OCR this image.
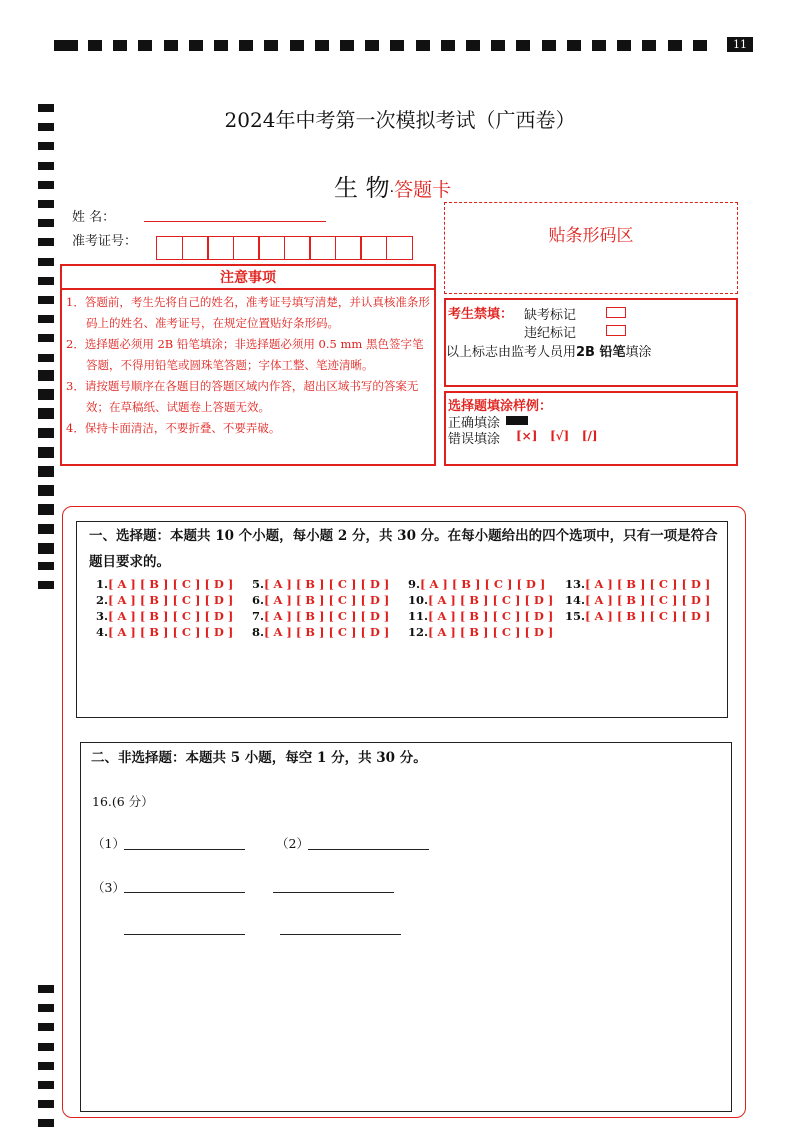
11
2024年中考第一次模拟考试（广西卷）
生 物·答题卡
姓 名：
准考证号：	贴条形码区
注意事项
1．答题前，考生先将自己的姓名，准考证号填写清楚，并认真核准条形码上的姓名、准考证号，在规定位置贴好条形码。
2．选择题必须用 2B 铅笔填涂；非选择题必须用 0.5 mm 黑色签字笔答题，不得用铅笔或圆珠笔答题；字体工整、笔迹清晰。
3．请按题号顺序在各题目的答题区域内作答，超出区域书写的答案无效；在草稿纸、试题卷上答题无效。
4．保持卡面清洁，不要折叠、不要弄破。
考生禁填： 缺考标记
违纪标记
以上标志由监考人员用2B 铅笔填涂
选择题填涂样例：
正确填涂
错误填涂 [×] [√] [/]
一、选择题：本题共 10 个小题，每小题 2 分，共 30 分。在每小题给出的四个选项中，只有一项是符合题目要求的。
1.[ A ] [ B ] [ C ] [ D ]
2.[ A ] [ B ] [ C ] [ D ]
3.[ A ] [ B ] [ C ] [ D ]
4.[ A ] [ B ] [ C ] [ D ]
5.[ A ] [ B ] [ C ] [ D ]
6.[ A ] [ B ] [ C ] [ D ]
7.[ A ] [ B ] [ C ] [ D ]
8.[ A ] [ B ] [ C ] [ D ]
9.[ A ] [ B ] [ C ] [ D ]
10.[ A ] [ B ] [ C ] [ D ]
11.[ A ] [ B ] [ C ] [ D ]
12.[ A ] [ B ] [ C ] [ D ]
13.[ A ] [ B ] [ C ] [ D ]
14.[ A ] [ B ] [ C ] [ D ]
15.[ A ] [ B ] [ C ] [ D ]
二、非选择题：本题共 5 小题，每空 1 分，共 30 分。
16.(6 分）
（1）	（2）
（3）
